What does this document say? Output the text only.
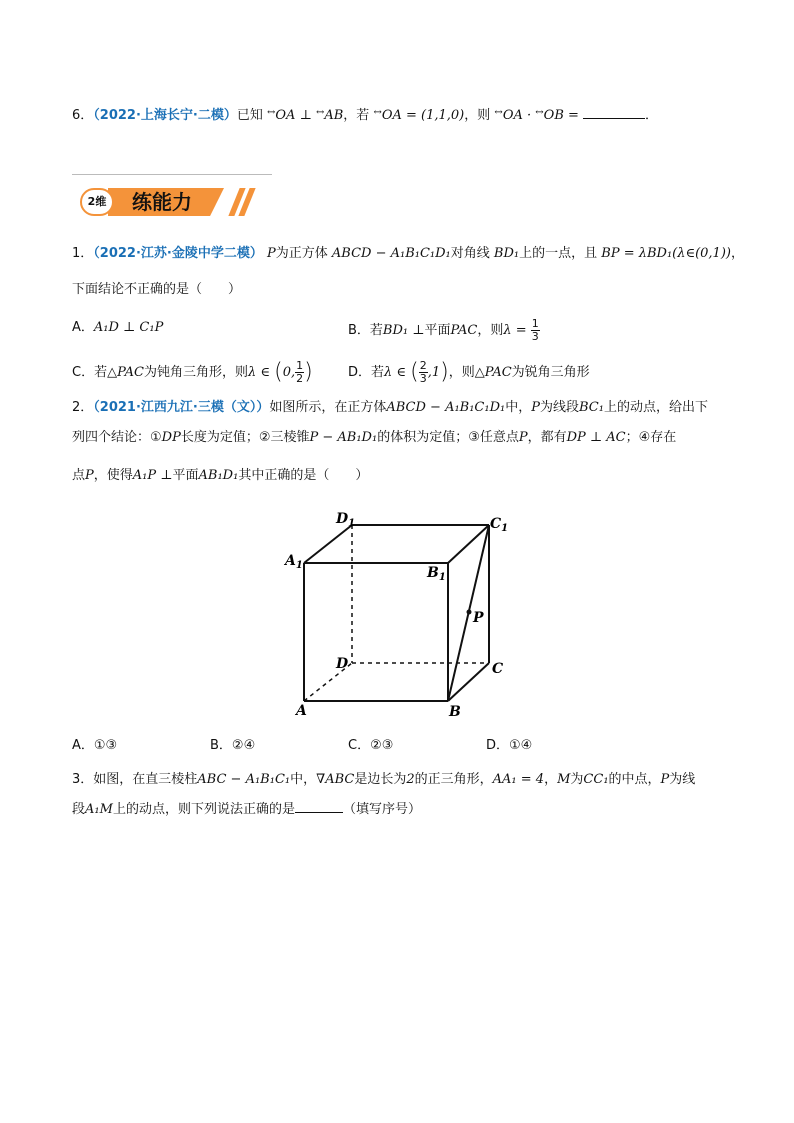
6．（2022·上海长宁·二模）已知 ↔OA ⊥ ↔AB，若 ↔OA = (1,1,0)，则 ↔OA · ↔OB =	．
2维	练能力
1．（2022·江苏·金陵中学二模） P为正方体 ABCD − A₁B₁C₁D₁对角线 BD₁上的一点，且 BP = λBD₁(λ∈(0,1))，
下面结论不正确的是（　　）
A．A₁D ⊥ C₁P	B．若BD₁ ⊥平面PAC，则$\lambda = \frac{1}{3}$
C．若△PAC为钝角三角形，则λ ∈ (0, $\frac{1}{2}$ )	D．若λ ∈ ( $\frac{2}{3} ,1$)，则△PAC为锐角三角形
2．（2021·江西九江·三模（文））如图所示，在正方体ABCD − A₁B₁C₁D₁中，P为线段BC₁上的动点，给出下
列四个结论：①DP长度为定值；②三棱锥P − AB₁D₁的体积为定值；③任意点P，都有DP ⊥ AC；④存在
点P，使得A₁P ⊥平面AB₁D₁其中正确的是（　　）
$D_1$	$C_1$
$A_1$	$B_1$
P
D	C
A	B
A．①③	B．②④	C．②③	D．①④
3．如图，在直三棱柱ABC − A₁B₁C₁中，∇ABC是边长为2的正三角形，AA₁ = 4，M为CC₁的中点，P为线
段A₁M上的动点，则下列说法正确的是	（填写序号）
